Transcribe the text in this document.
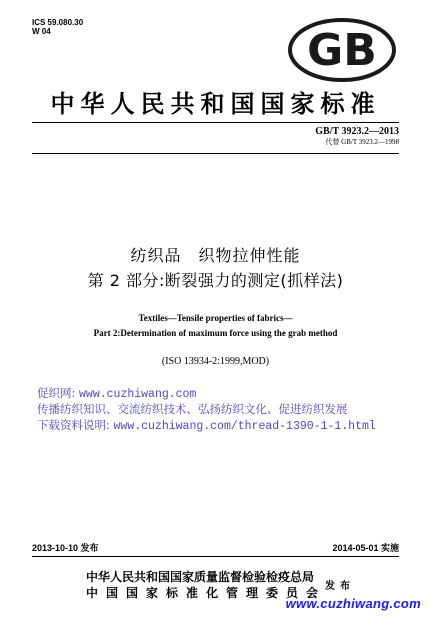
ICS 59.080.30
W 04	GB
中华人民共和国国家标准
GB/T 3923.2—2013
代替 GB/T 3923.2—1998
纺织品　织物拉伸性能
第 2 部分:断裂强力的测定(抓样法)
Textiles—Tensile properties of fabrics—
Part 2:Determination of maximum force using the grab method
(ISO 13934-2:1999,MOD)
促织网: www.cuzhiwang.com
传播纺织知识、交流纺织技术、弘扬纺织文化、促进纺织发展
下载资料说明: www.cuzhiwang.com/thread-1390-1-1.html
2013-10-10 发布	2014-05-01 实施
中华人民共和国国家质量监督检验检疫总局
中国国家标准化管理委员会
发布
www.cuzhiwang.com
